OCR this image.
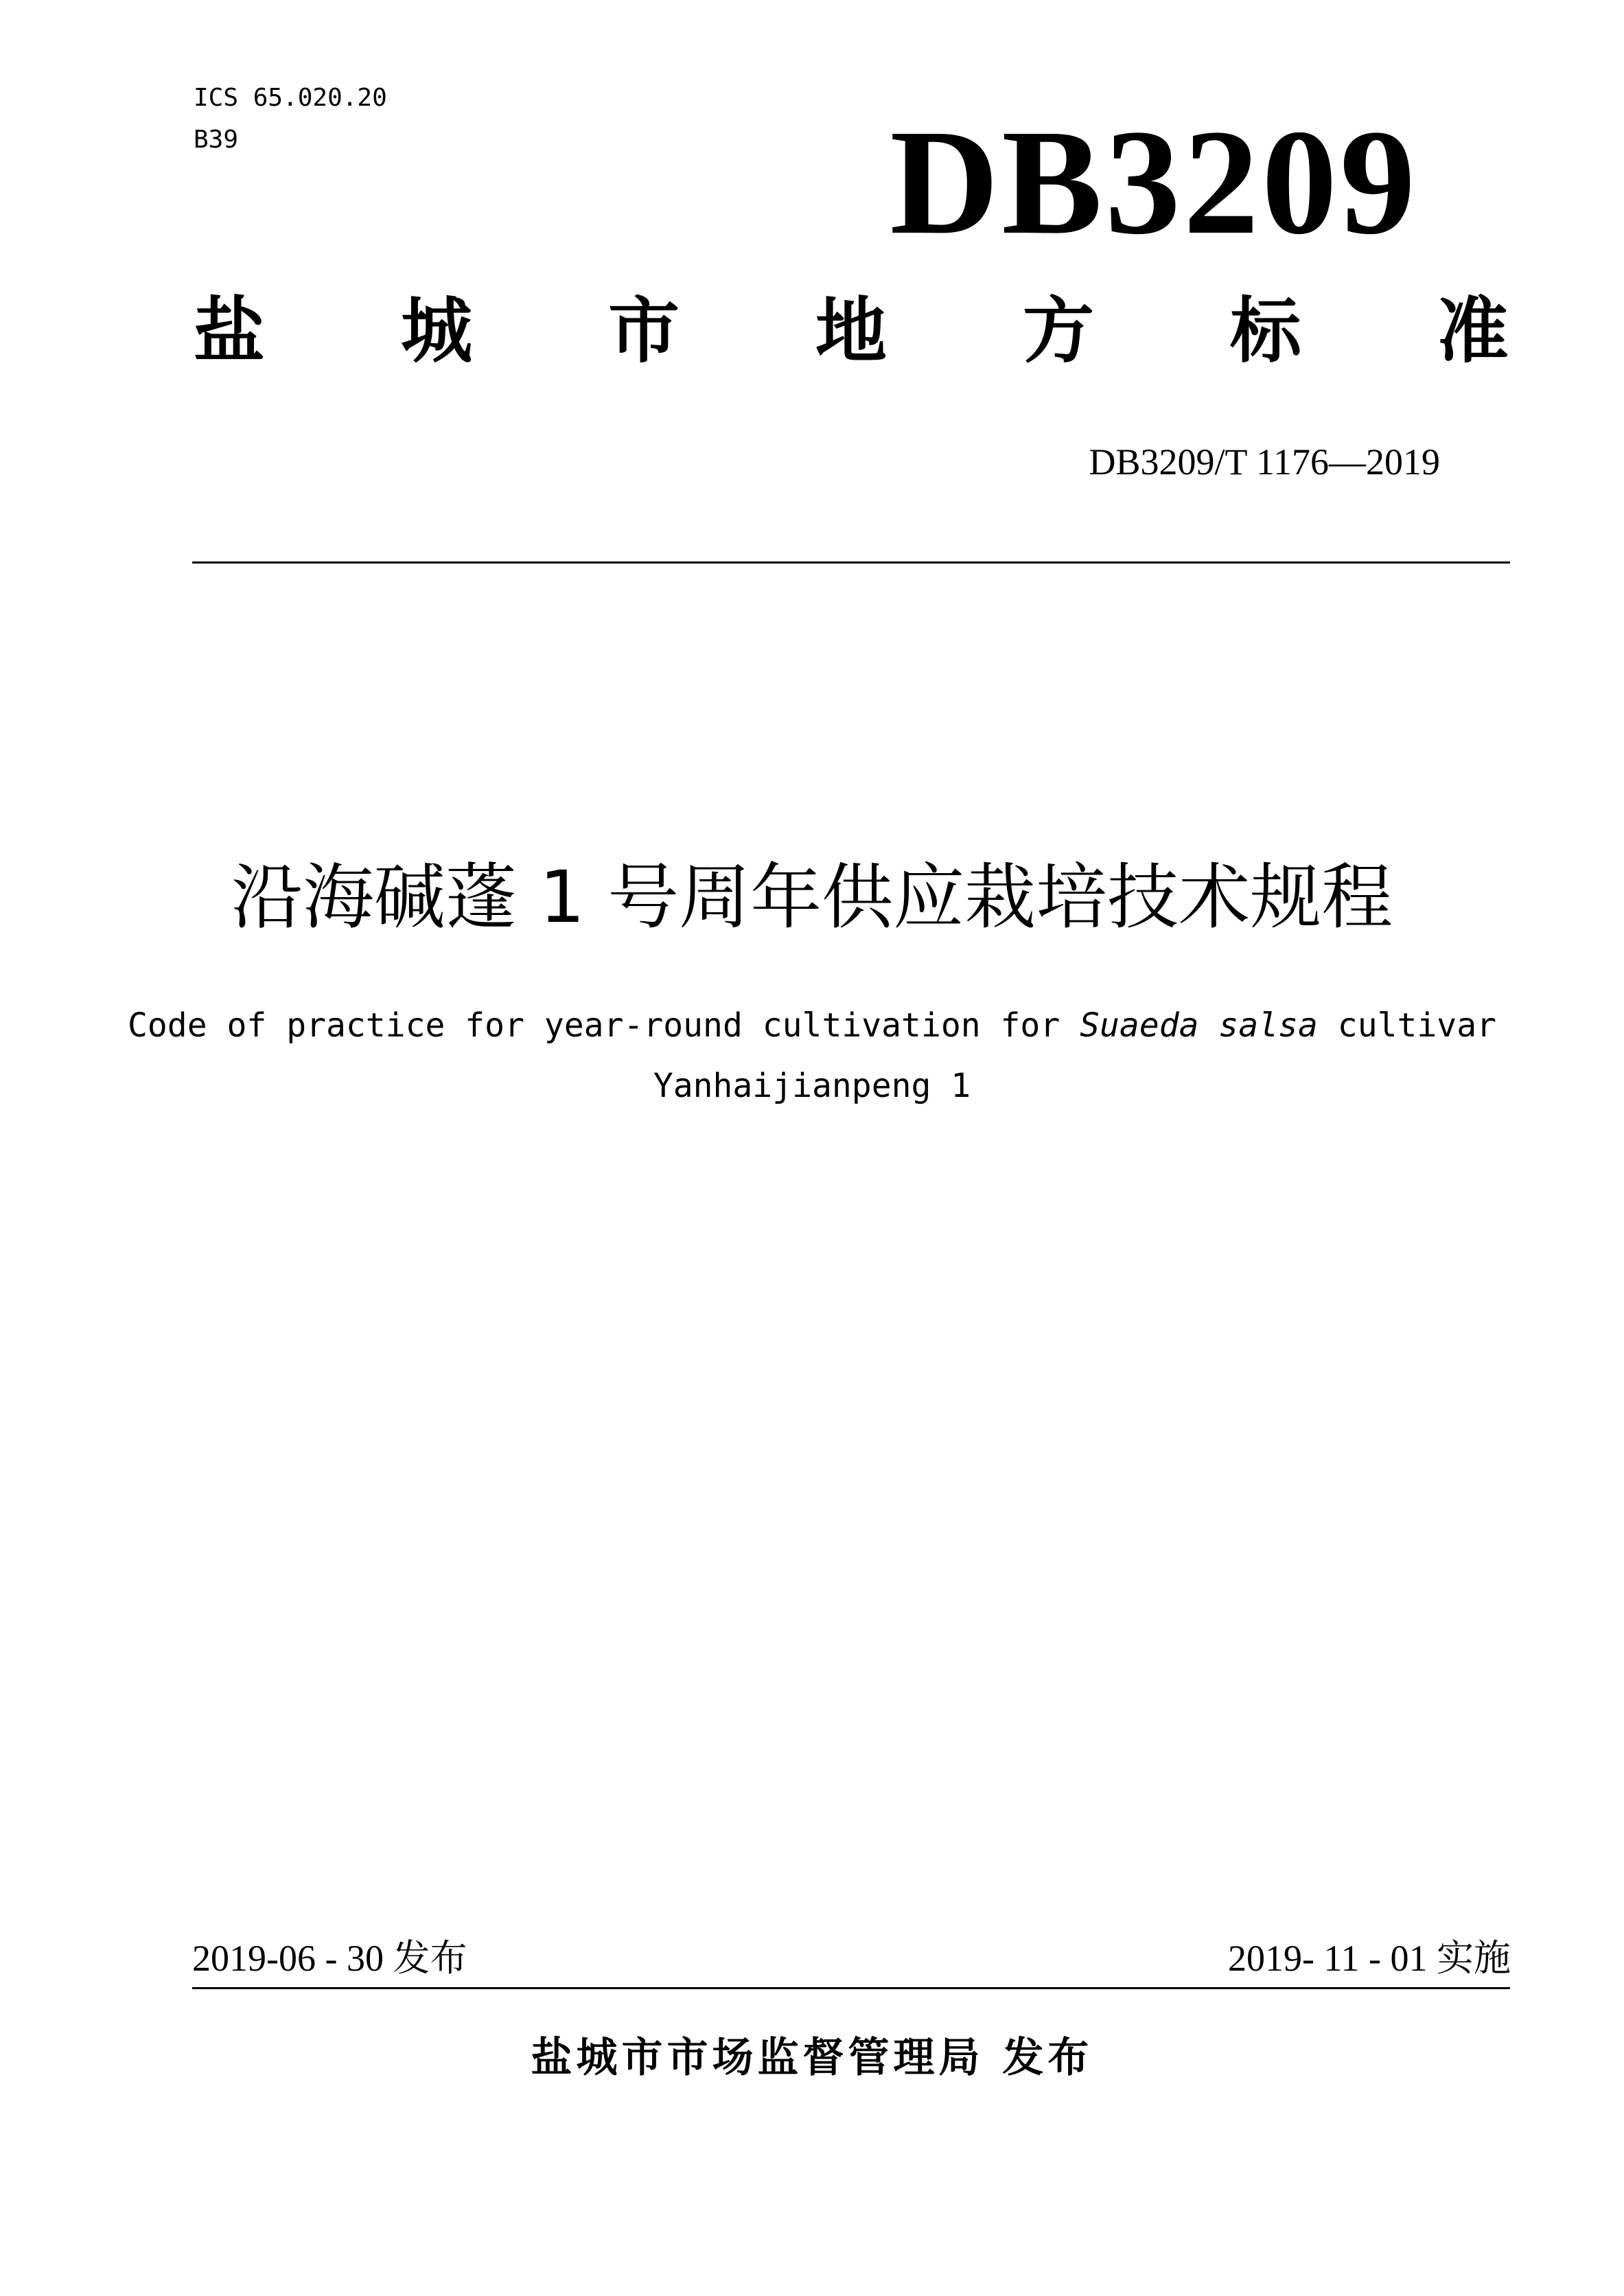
ICS 65.020.20
B39	DB3209
盐 城 市 地 方 标 准
DB3209/T 1176—2019
沿海碱蓬 1 号周年供应栽培技术规程
Code of practice for year-round cultivation for Suaeda salsa cultivar
Yanhaijianpeng 1
2019-06 - 30 发布	2019- 11 - 01 实施
盐城市市场监督管理局 发布
